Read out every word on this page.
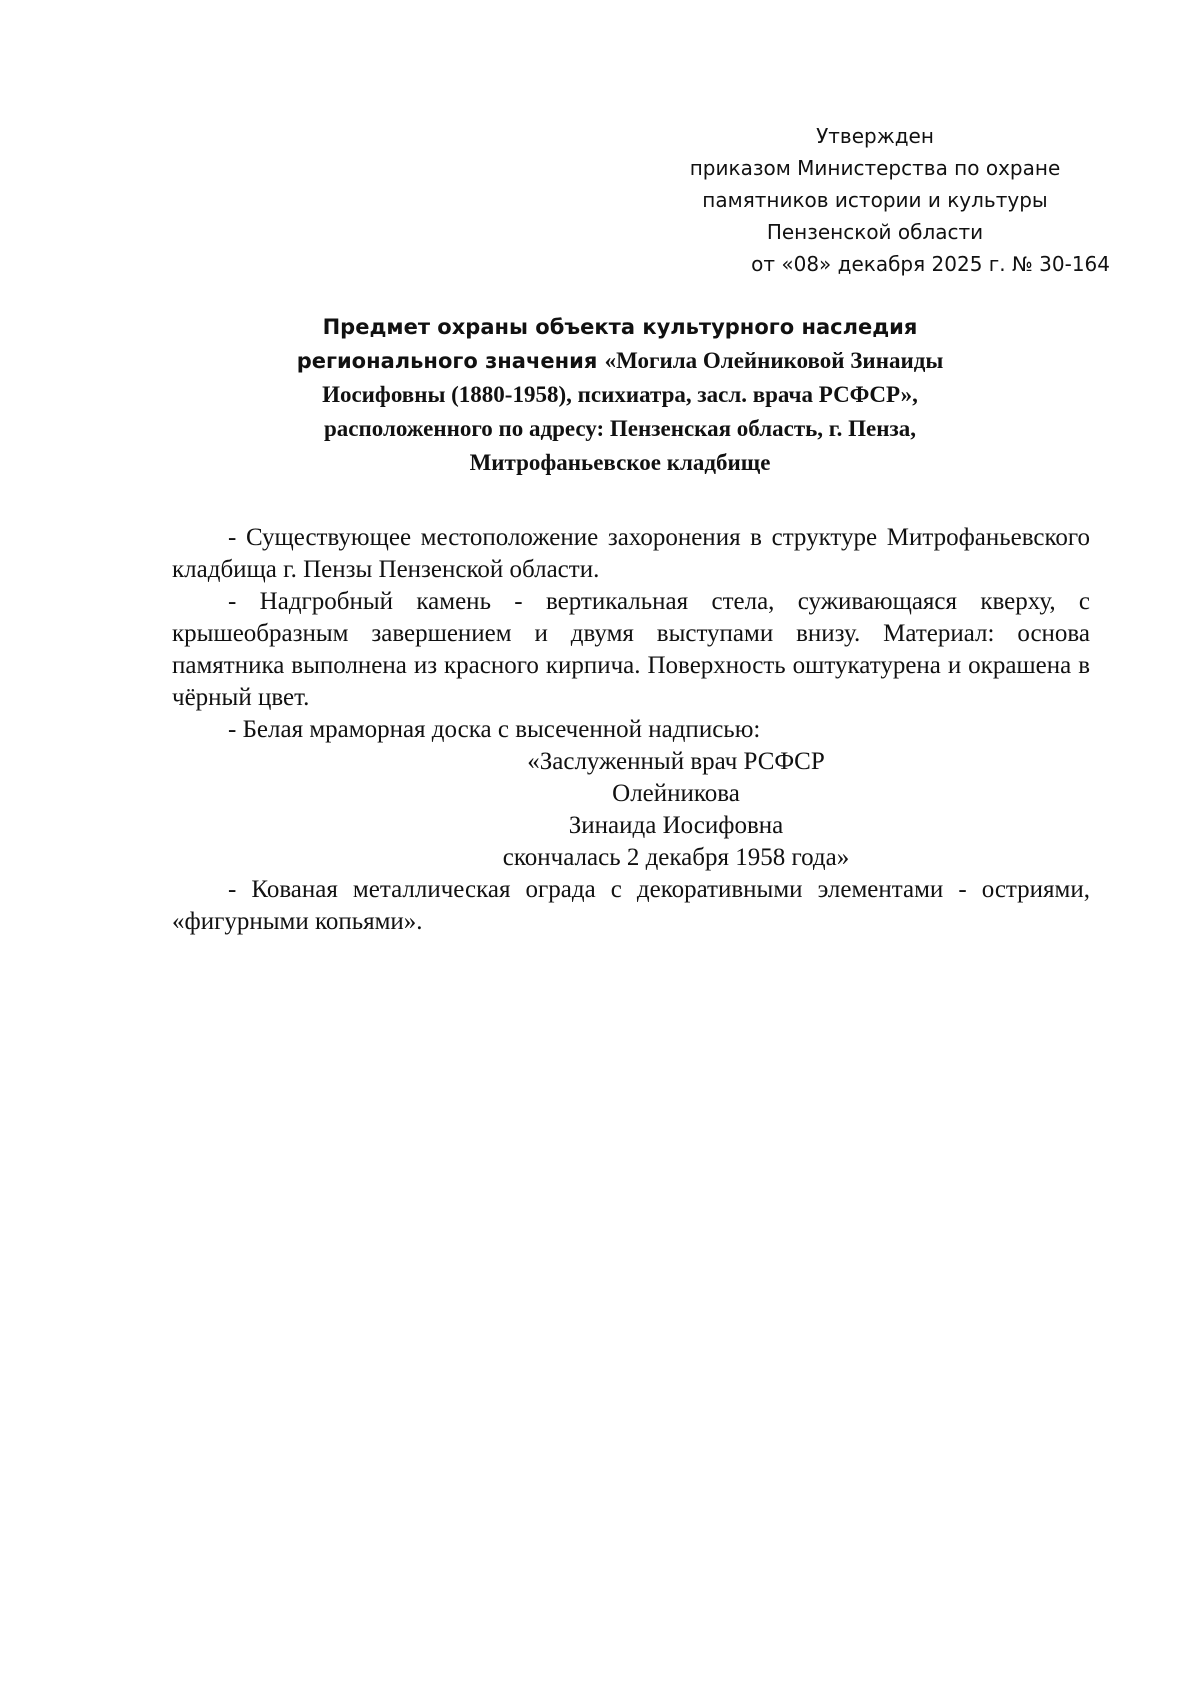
Утвержден
приказом Министерства по охране
памятников истории и культуры
Пензенской области
от «08» декабря 2025 г. № 30-164
Предмет охраны объекта культурного наследия
регионального значения «Могила Олейниковой Зинаиды
Иосифовны (1880-1958), психиатра, засл. врача РСФСР»,
расположенного по адресу: Пензенская область, г. Пенза,
Митрофаньевское кладбище

- Существующее местоположение захоронения в структуре Митрофаньевского кладбища г. Пензы Пензенской области.

- Надгробный камень - вертикальная стела, суживающаяся кверху, с крышеобразным завершением и двумя выступами внизу. Материал: основа памятника выполнена из красного кирпича. Поверхность оштукатурена и окрашена в чёрный цвет.

- Белая мраморная доска с высеченной надписью:

«Заслуженный врач РСФСР
Олейникова
Зинаида Иосифовна
скончалась 2 декабря 1958 года»

- Кованая металлическая ограда с декоративными элементами - остриями, «фигурными копьями».
